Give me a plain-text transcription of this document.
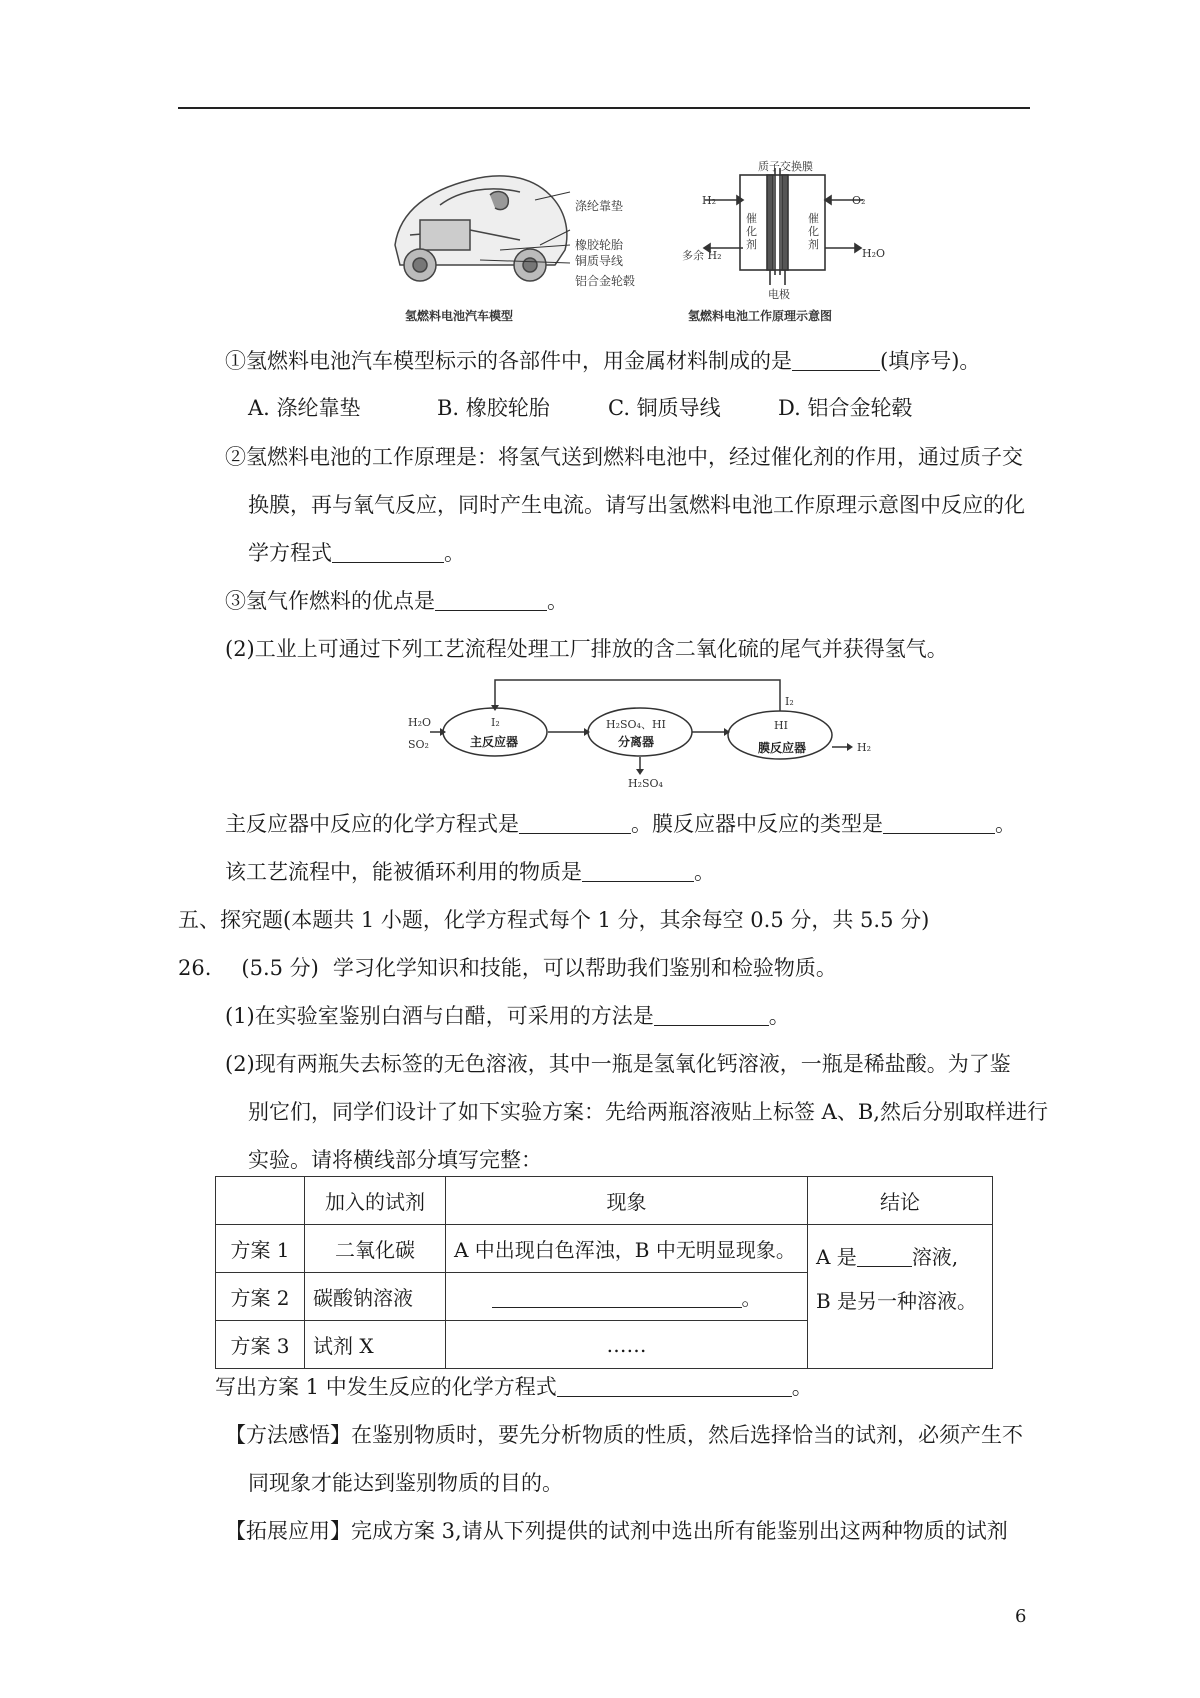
涤纶靠垫
橡胶轮胎
铜质导线
铝合金轮毂
氢燃料电池汽车模型
质子交换膜
H₂	O₂
多余 H₂	H₂O
催化剂
催化剂
电极
氢燃料电池工作原理示意图
①氢燃料电池汽车模型标示的各部件中，用金属材料制成的是	(填序号)。
A. 涤纶靠垫	B. 橡胶轮胎	C. 铜质导线	D. 铝合金轮毂
②氢燃料电池的工作原理是：将氢气送到燃料电池中，经过催化剂的作用，通过质子交
换膜，再与氧气反应，同时产生电流。请写出氢燃料电池工作原理示意图中反应的化
学方程式	。
③氢气作燃料的优点是	。
(2)工业上可通过下列工艺流程处理工厂排放的含二氧化硫的尾气并获得氢气。
H₂O
SO₂
I₂
主反应器
H₂SO₄、HI
分离器
H₂SO₄
HI
膜反应器	H₂
I₂
主反应器中反应的化学方程式是	。膜反应器中反应的类型是	。
该工艺流程中，能被循环利用的物质是	。
五、探究题(本题共 1 小题，化学方程式每个 1 分，其余每空 0.5 分，共 5.5 分)
26. (5.5 分) 学习化学知识和技能，可以帮助我们鉴别和检验物质。
(1)在实验室鉴别白酒与白醋，可采用的方法是	。
(2)现有两瓶失去标签的无色溶液，其中一瓶是氢氧化钙溶液，一瓶是稀盐酸。为了鉴
别它们，同学们设计了如下实验方案：先给两瓶溶液贴上标签 A、B,然后分别取样进行
实验。请将横线部分填写完整：
	加入的试剂	现象	结论
方案 1	二氧化碳	A 中出现白色浑浊，B 中无明显现象。	A 是 溶液,
B 是另一种溶液。

方案 2	碳酸钠溶液	。	
方案 3	试剂 X	……	
写出方案 1 中发生反应的化学方程式	。
【方法感悟】在鉴别物质时，要先分析物质的性质，然后选择恰当的试剂，必须产生不
同现象才能达到鉴别物质的目的。
【拓展应用】完成方案 3,请从下列提供的试剂中选出所有能鉴别出这两种物质的试剂
6
